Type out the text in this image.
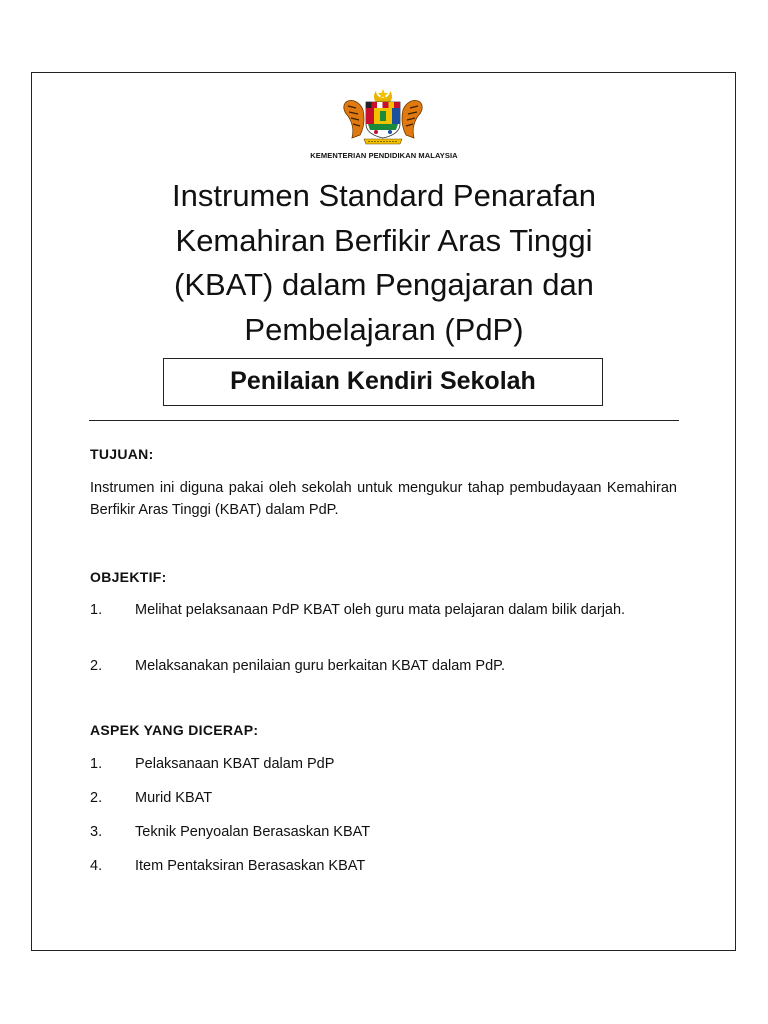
KEMENTERIAN PENDIDIKAN MALAYSIA
Instrumen Standard Penarafan
Kemahiran Berfikir Aras Tinggi
(KBAT) dalam Pengajaran dan
Pembelajaran (PdP)
Penilaian Kendiri Sekolah
TUJUAN:
Instrumen ini diguna pakai oleh sekolah untuk mengukur tahap pembudayaan Kemahiran Berfikir Aras Tinggi (KBAT) dalam PdP.
OBJEKTIF:
1. Melihat pelaksanaan PdP KBAT oleh guru mata pelajaran dalam bilik darjah.
2. Melaksanakan penilaian guru berkaitan KBAT dalam PdP.
ASPEK YANG DICERAP:
1. Pelaksanaan KBAT dalam PdP
2. Murid KBAT
3. Teknik Penyoalan Berasaskan KBAT
4. Item Pentaksiran Berasaskan KBAT
